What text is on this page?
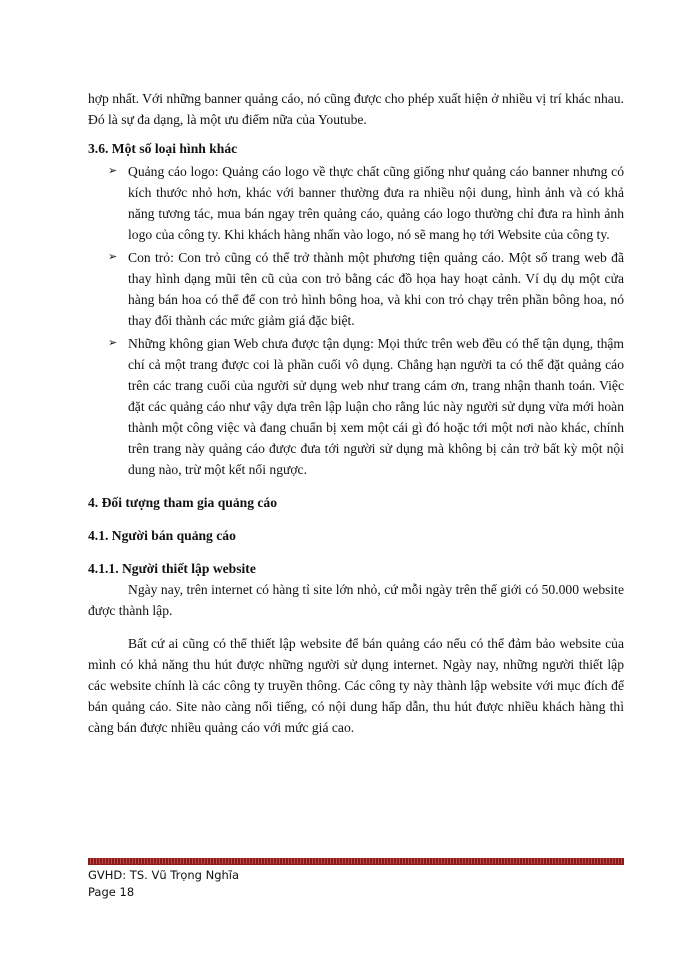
hợp nhất. Với những banner quảng cáo, nó cũng được cho phép xuất hiện ở nhiều vị trí khác nhau. Đó là sự đa dạng, là một ưu điểm nữa của Youtube.

3.6. Một số loại hình khác
➢ Quảng cáo logo: Quảng cáo logo về thực chất cũng giống như quảng cáo banner nhưng có kích thước nhỏ hơn, khác với banner thường đưa ra nhiều nội dung, hình ảnh và có khả năng tương tác, mua bán ngay trên quảng cáo, quảng cáo logo thường chỉ đưa ra hình ảnh logo của công ty. Khi khách hàng nhấn vào logo, nó sẽ mang họ tới Website của công ty.

➢ Con trỏ: Con trỏ cũng có thể trở thành một phương tiện quảng cáo. Một số trang web đã thay hình dạng mũi tên cũ của con trỏ bằng các đồ họa hay hoạt cảnh. Ví dụ dụ một cửa hàng bán hoa có thể để con trỏ hình bông hoa, và khi con trỏ chạy trên phần bông hoa, nó thay đổi thành các mức giảm giá đặc biệt.

➢ Những không gian Web chưa được tận dụng: Mọi thức trên web đều có thể tận dụng, thậm chí cả một trang được coi là phần cuối vô dụng. Chẳng hạn người ta có thể đặt quảng cáo trên các trang cuối của người sử dụng web như trang cám ơn, trang nhận thanh toán. Việc đặt các quảng cáo như vậy dựa trên lập luận cho rằng lúc này người sử dụng vừa mới hoàn thành một công việc và đang chuẩn bị xem một cái gì đó hoặc tới một nơi nào khác, chính trên trang này quảng cáo được đưa tới người sử dụng mà không bị cản trở bất kỳ một nội dung nào, trừ một kết nối ngược.

4. Đối tượng tham gia quảng cáo
4.1. Người bán quảng cáo
4.1.1. Người thiết lập website

Ngày nay, trên internet có hàng tỉ site lớn nhỏ, cứ mỗi ngày trên thế giới có 50.000 website được thành lập.

Bất cứ ai cũng có thể thiết lập website để bán quảng cáo nếu có thể đảm bảo website của mình có khả năng thu hút được những người sử dụng internet. Ngày nay, những người thiết lập các website chính là các công ty truyền thông. Các công ty này thành lập website với mục đích để bán quảng cáo. Site nào càng nổi tiếng, có nội dung hấp dẫn, thu hút được nhiều khách hàng thì càng bán được nhiều quảng cáo với mức giá cao.

GVHD: TS. Vũ Trọng Nghĩa
Page 18
